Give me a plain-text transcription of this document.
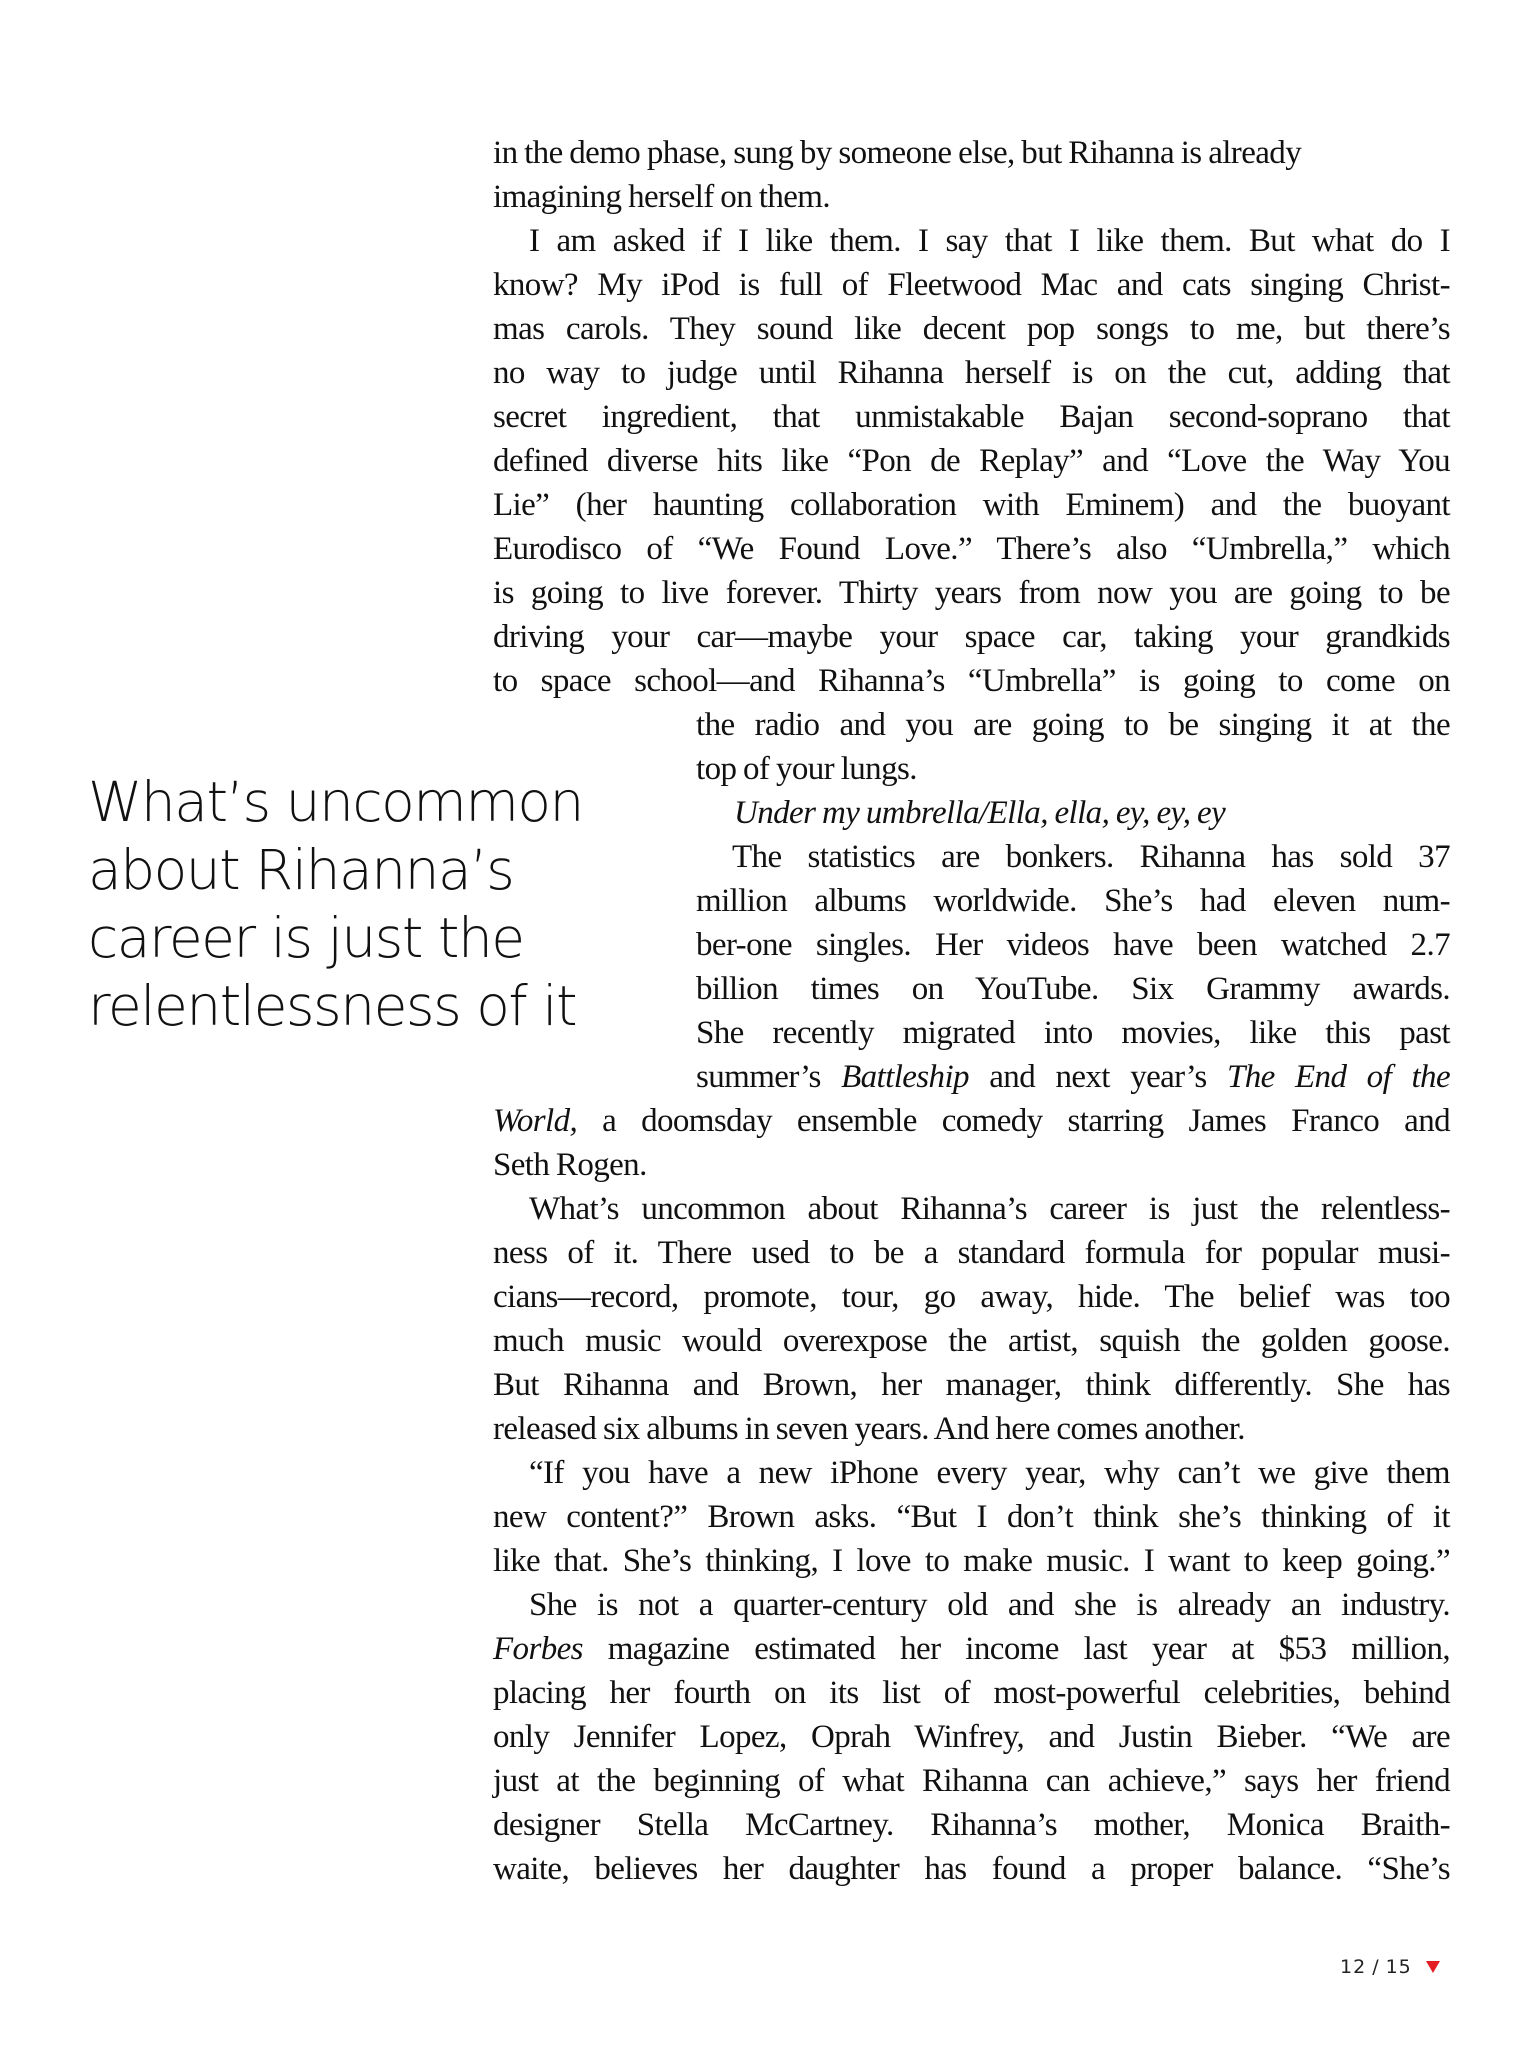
What’s uncommon
about Rihanna’s
career is just the
relentlessness of it
in the demo phase, sung by someone else, but Rihanna is already
imagining herself on them.
I am asked if I like them. I say that I like them. But what do I
know? My iPod is full of Fleetwood Mac and cats singing Christ-
mas carols. They sound like decent pop songs to me, but there’s
no way to judge until Rihanna herself is on the cut, adding that
secret ingredient, that unmistakable Bajan second-soprano that
defined diverse hits like “Pon de Replay” and “Love the Way You
Lie” (her haunting collaboration with Eminem) and the buoyant
Eurodisco of “We Found Love.” There’s also “Umbrella,” which
is going to live forever. Thirty years from now you are going to be
driving your car—maybe your space car, taking your grandkids
to space school—and Rihanna’s “Umbrella” is going to come on
the radio and you are going to be singing it at the
top of your lungs.
Under my umbrella/Ella, ella, ey, ey, ey
The statistics are bonkers. Rihanna has sold 37
million albums worldwide. She’s had eleven num-
ber-one singles. Her videos have been watched 2.7
billion times on YouTube. Six Grammy awards.
She recently migrated into movies, like this past
summer’s Battleship and next year’s The End of the
World, a doomsday ensemble comedy starring James Franco and
Seth Rogen.
What’s uncommon about Rihanna’s career is just the relentless-
ness of it. There used to be a standard formula for popular musi-
cians—record, promote, tour, go away, hide. The belief was too
much music would overexpose the artist, squish the golden goose.
But Rihanna and Brown, her manager, think differently. She has
released six albums in seven years. And here comes another.
“If you have a new iPhone every year, why can’t we give them
new content?” Brown asks. “But I don’t think she’s thinking of it
like that. She’s thinking, I love to make music. I want to keep going.”
She is not a quarter-century old and she is already an industry.
Forbes magazine estimated her income last year at $53 million,
placing her fourth on its list of most-powerful celebrities, behind
only Jennifer Lopez, Oprah Winfrey, and Justin Bieber. “We are
just at the beginning of what Rihanna can achieve,” says her friend
designer Stella McCartney. Rihanna’s mother, Monica Braith-
waite, believes her daughter has found a proper balance. “She’s
12 / 15
